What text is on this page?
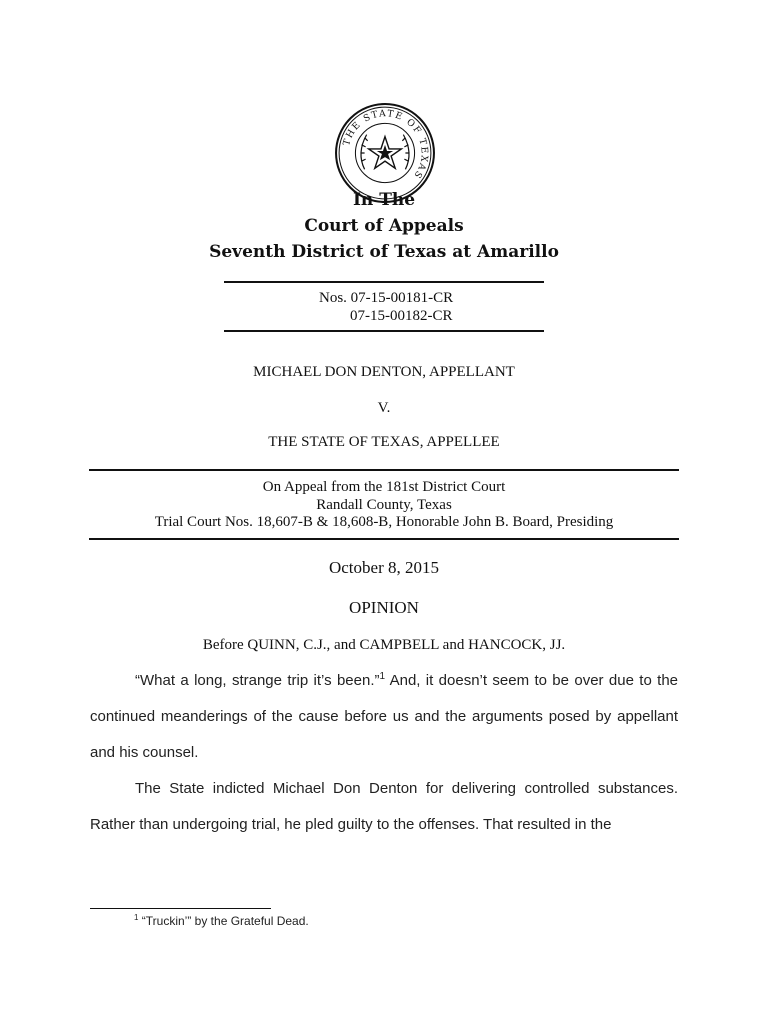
THE STATE OF TEXAS
In The
Court of Appeals
Seventh District of Texas at Amarillo
Nos. 07-15-00181-CR
07-15-00182-CR
MICHAEL DON DENTON, APPELLANT
V.
THE STATE OF TEXAS, APPELLEE
On Appeal from the 181st District Court
Randall County, Texas
Trial Court Nos. 18,607-B & 18,608-B, Honorable John B. Board, Presiding
October 8, 2015
OPINION
Before QUINN, C.J., and CAMPBELL and HANCOCK, JJ.

“What a long, strange trip it’s been.”$^1$ And, it doesn’t seem to be over due to the continued meanderings of the cause before us and the arguments posed by appellant and his counsel.

The State indicted Michael Don Denton for delivering controlled substances. Rather than undergoing trial, he pled guilty to the offenses. That resulted in the

$^1$ “Truckin’” by the Grateful Dead.
